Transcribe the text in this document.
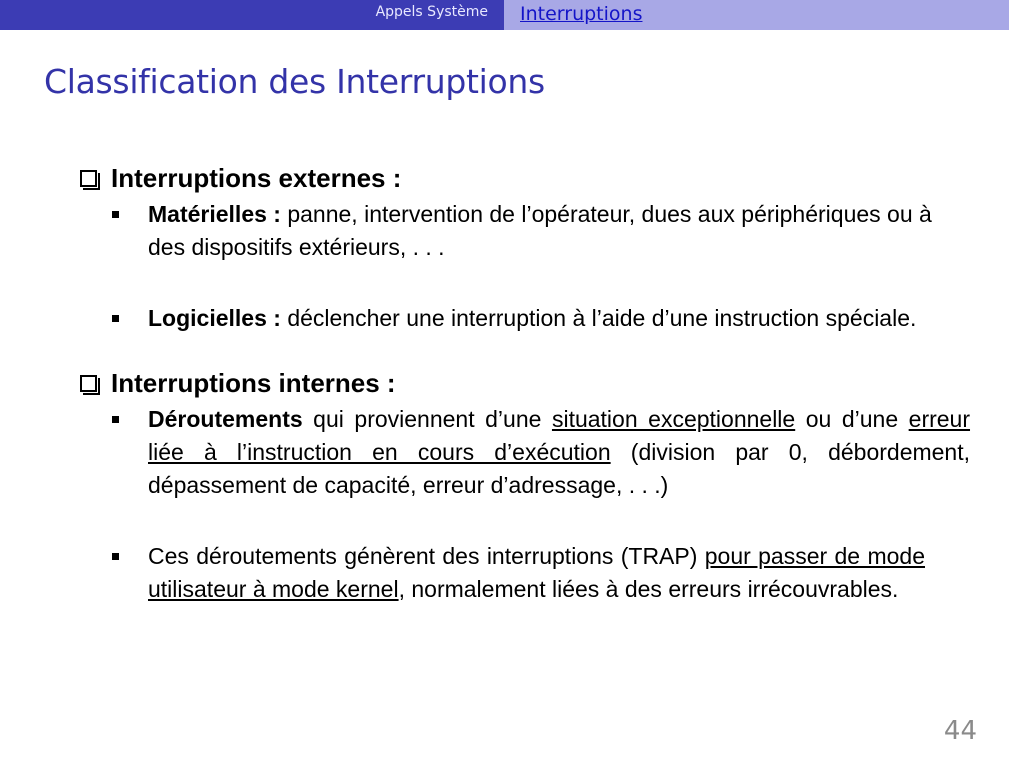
Appels Système	Interruptions
Classification des Interruptions
Interruptions externes :
Matérielles : panne, intervention de l’opérateur, dues aux périphériques ou à des dispositifs extérieurs, . . .
Logicielles : déclencher une interruption à l’aide d’une instruction spéciale.
Interruptions internes :
Déroutements qui proviennent d’une situation exceptionnelle ou d’une erreur liée à l’instruction en cours d’exécution (division par 0, débordement, dépassement de capacité, erreur d’adressage, . . .)
Ces déroutements génèrent des interruptions (TRAP) pour passer de mode utilisateur à mode kernel, normalement liées à des erreurs irrécouvrables.
44
